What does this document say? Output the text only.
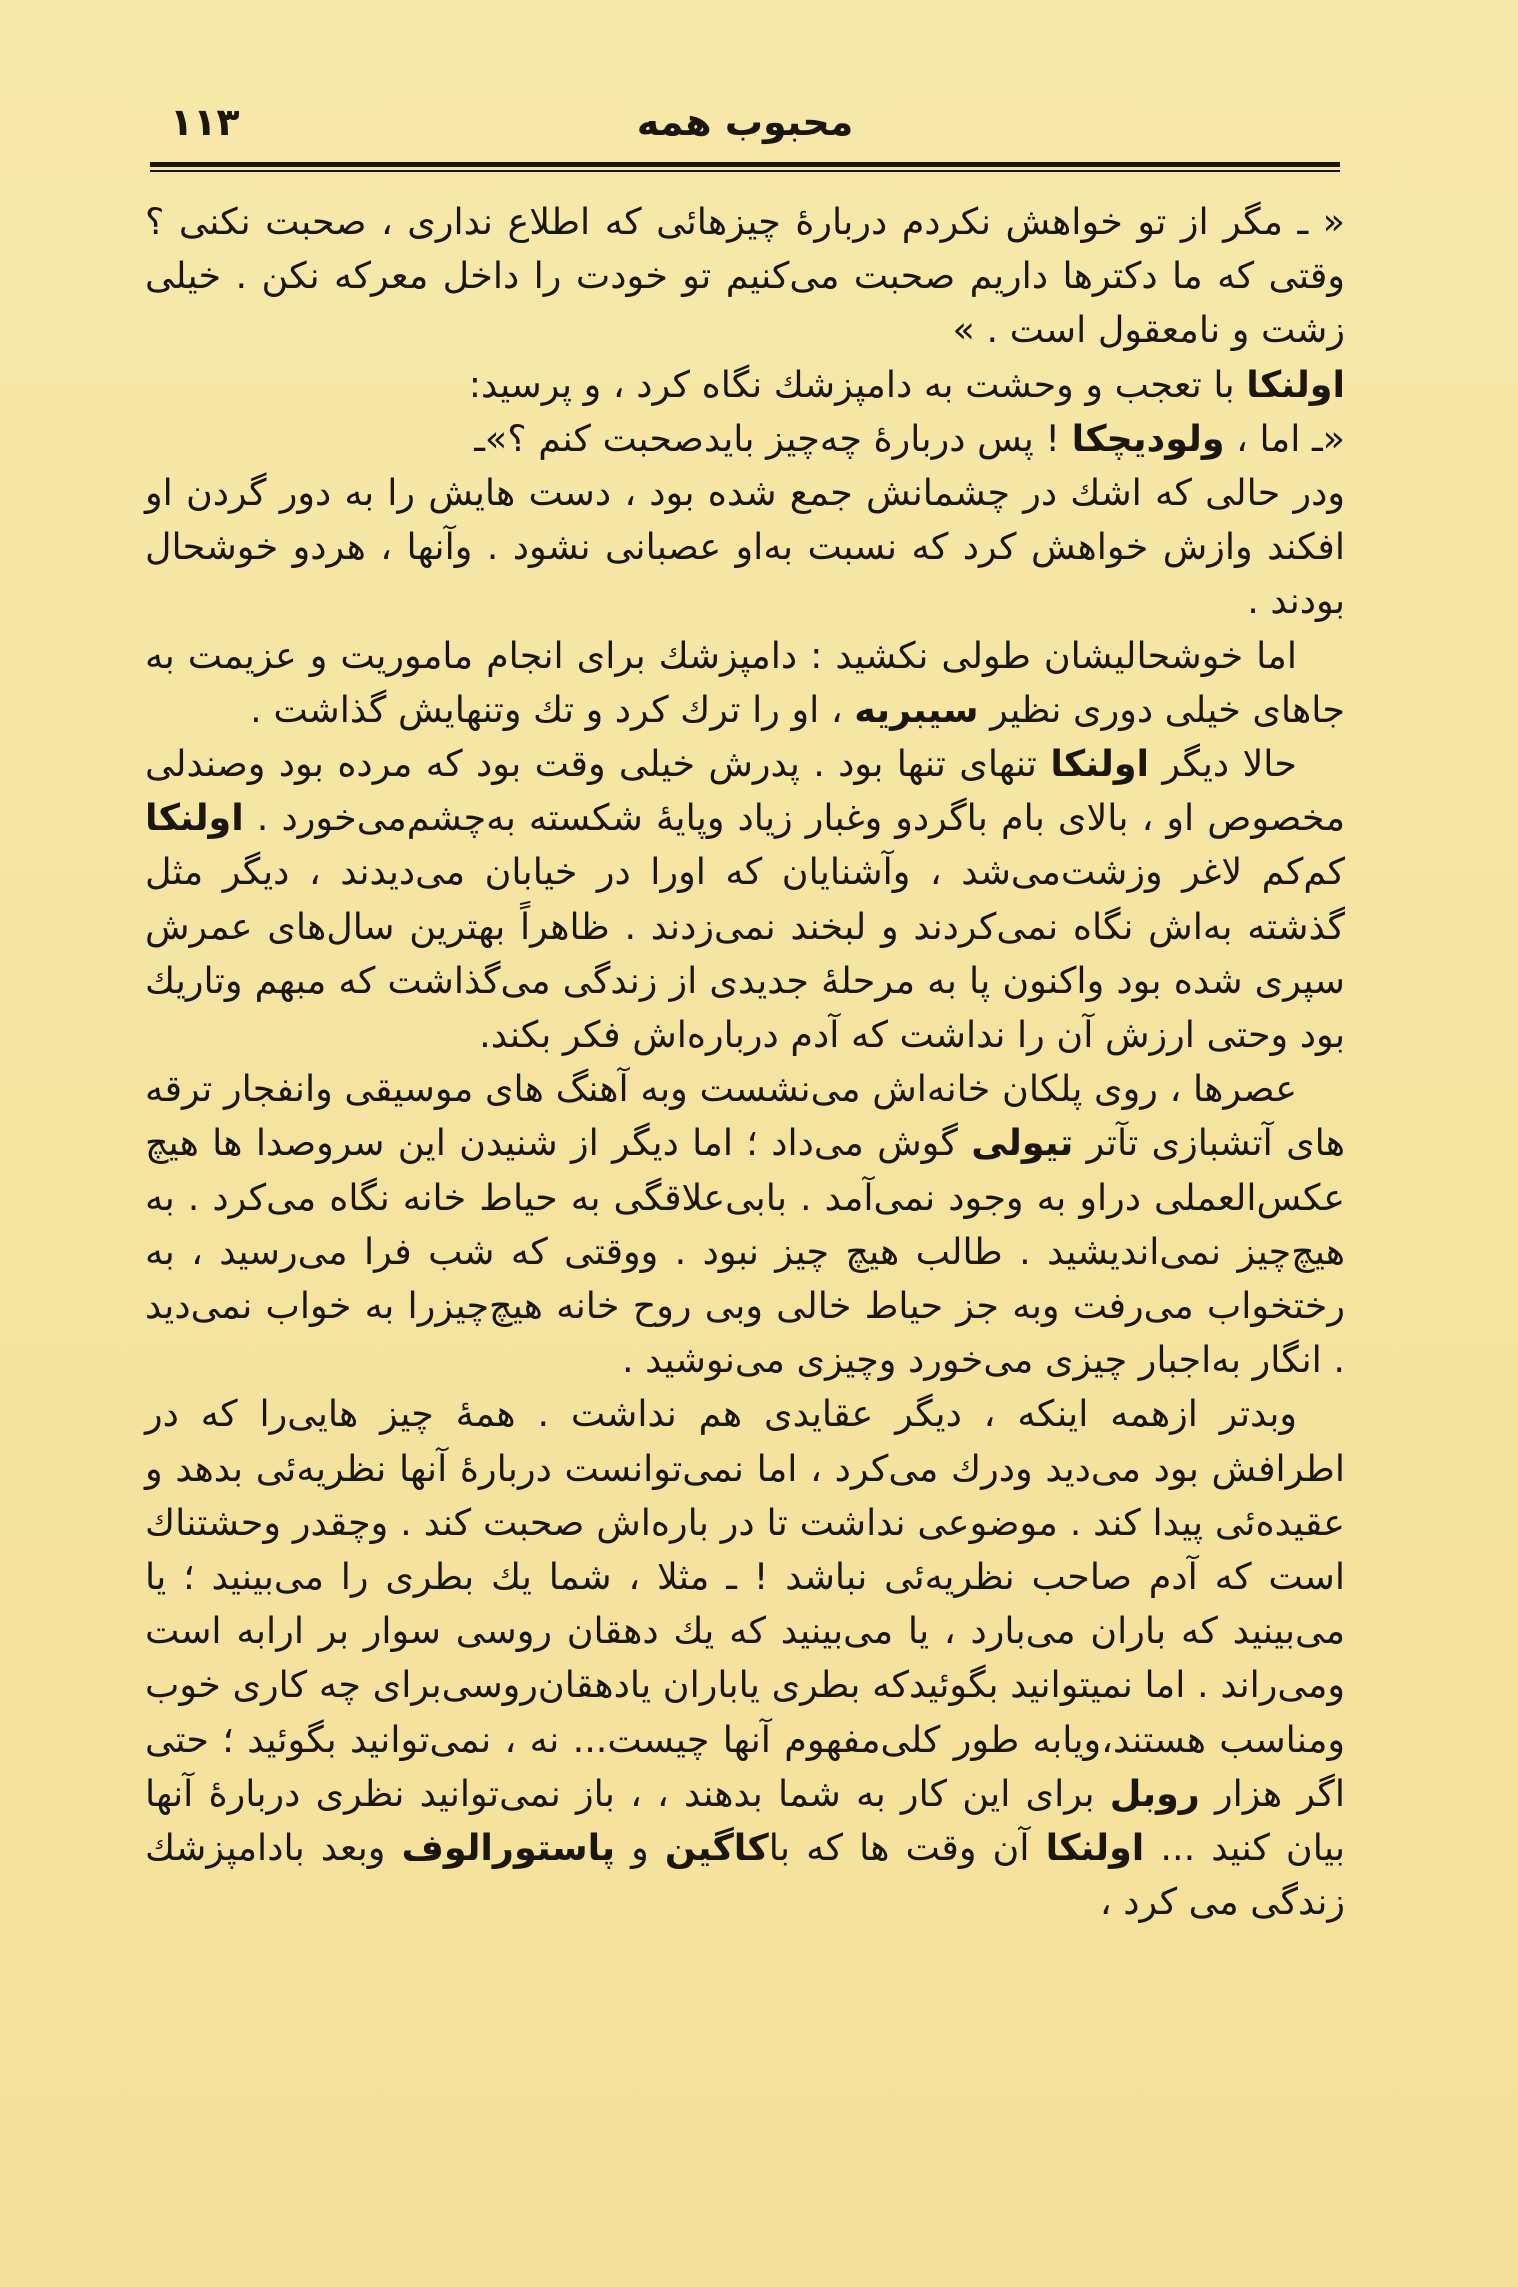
۱۱۳	محبوب همه

« ـ مگر از تو خواهش نکردم دربارهٔ چیزهائی که اطلاع نداری ، صحبت نکنی ؟ وقتی که ما دکترها داریم صحبت می‌کنیم تو خودت را داخل معرکه نکن . خیلی زشت و نامعقول است . »

اولنکا با تعجب و وحشت به دامپزشك نگاه کرد ، و پرسید:

«ـ اما ، ولودیچکا ! پس دربارهٔ چه‌چیز بایدصحبت کنم ؟»ـ

ودر حالی که اشك در چشمانش جمع شده بود ، دست هایش را به دور گردن او افکند وازش خواهش کرد که نسبت به‌او عصبانی نشود . وآنها ، هردو خوشحال بودند .

اما خوشحالیشان طولی نکشید : دامپزشك برای انجام ماموریت و عزیمت به جاهای خیلی دوری نظیر سیبریه ، او را ترك کرد و تك وتنهایش گذاشت .

حالا دیگر اولنکا تنهای تنها بود . پدرش خیلی وقت بود که مرده بود وصندلی مخصوص او ، بالای بام باگردو وغبار زیاد وپایهٔ شکسته به‌چشم‌می‌خورد . اولنکا کم‌کم لاغر وزشت‌می‌شد ، وآشنایان که اورا در خیابان می‌دیدند ، دیگر مثل گذشته به‌اش نگاه نمی‌کردند و لبخند نمی‌زدند . ظاهراً بهترین سال‌های عمرش سپری شده بود واکنون پا به مرحلهٔ جدیدی از زندگی می‌گذاشت که مبهم وتاریك بود وحتی ارزش آن را نداشت که آدم درباره‌اش فکر بکند.

عصرها ، روی پلکان خانه‌اش می‌نشست وبه آهنگ های موسیقی وانفجار ترقه های آتشبازی تآتر تیولی گوش می‌داد ؛ اما دیگر از شنیدن این سروصدا ها هیچ عکس‌العملی دراو به وجود نمی‌آمد . بابی‌علاقگی به حیاط خانه نگاه می‌کرد . به هیچ‌چیز نمی‌اندیشید . طالب هیچ چیز نبود . ووقتی که شب فرا می‌رسید ، به رختخواب می‌رفت وبه جز حیاط خالی وبی روح خانه هیچ‌چیزرا به خواب نمی‌دید . انگار به‌اجبار چیزی می‌خورد وچیزی می‌نوشید .

وبدتر ازهمه اینکه ، دیگر عقایدی هم نداشت . همهٔ چیز هایی‌را که در اطرافش بود می‌دید ودرك می‌کرد ، اما نمی‌توانست دربارهٔ آنها نظریه‌ئی بدهد و عقیده‌ئی پیدا کند . موضوعی نداشت تا در باره‌اش صحبت کند . وچقدر وحشتناك است که آدم صاحب نظریه‌ئی نباشد ! ـ مثلا ، شما یك بطری را می‌بینید ؛ یا می‌بینید که باران می‌بارد ، یا می‌بینید که یك دهقان روسی سوار بر ارابه است ومی‌راند . اما نمیتوانید بگوئیدکه بطری یاباران یادهقان‌روسی‌برای چه کاری خوب ومناسب هستند،ویابه طور کلی‌مفهوم آنها چیست... نه ، نمی‌توانید بگوئید ؛ حتی اگر هزار روبل برای این کار به شما بدهند ، ، باز نمی‌توانید نظری دربارهٔ آنها بیان کنید ... اولنکا آن وقت ها که باکاگین و پاستورالوف وبعد بادامپزشك زندگی می کرد ،
